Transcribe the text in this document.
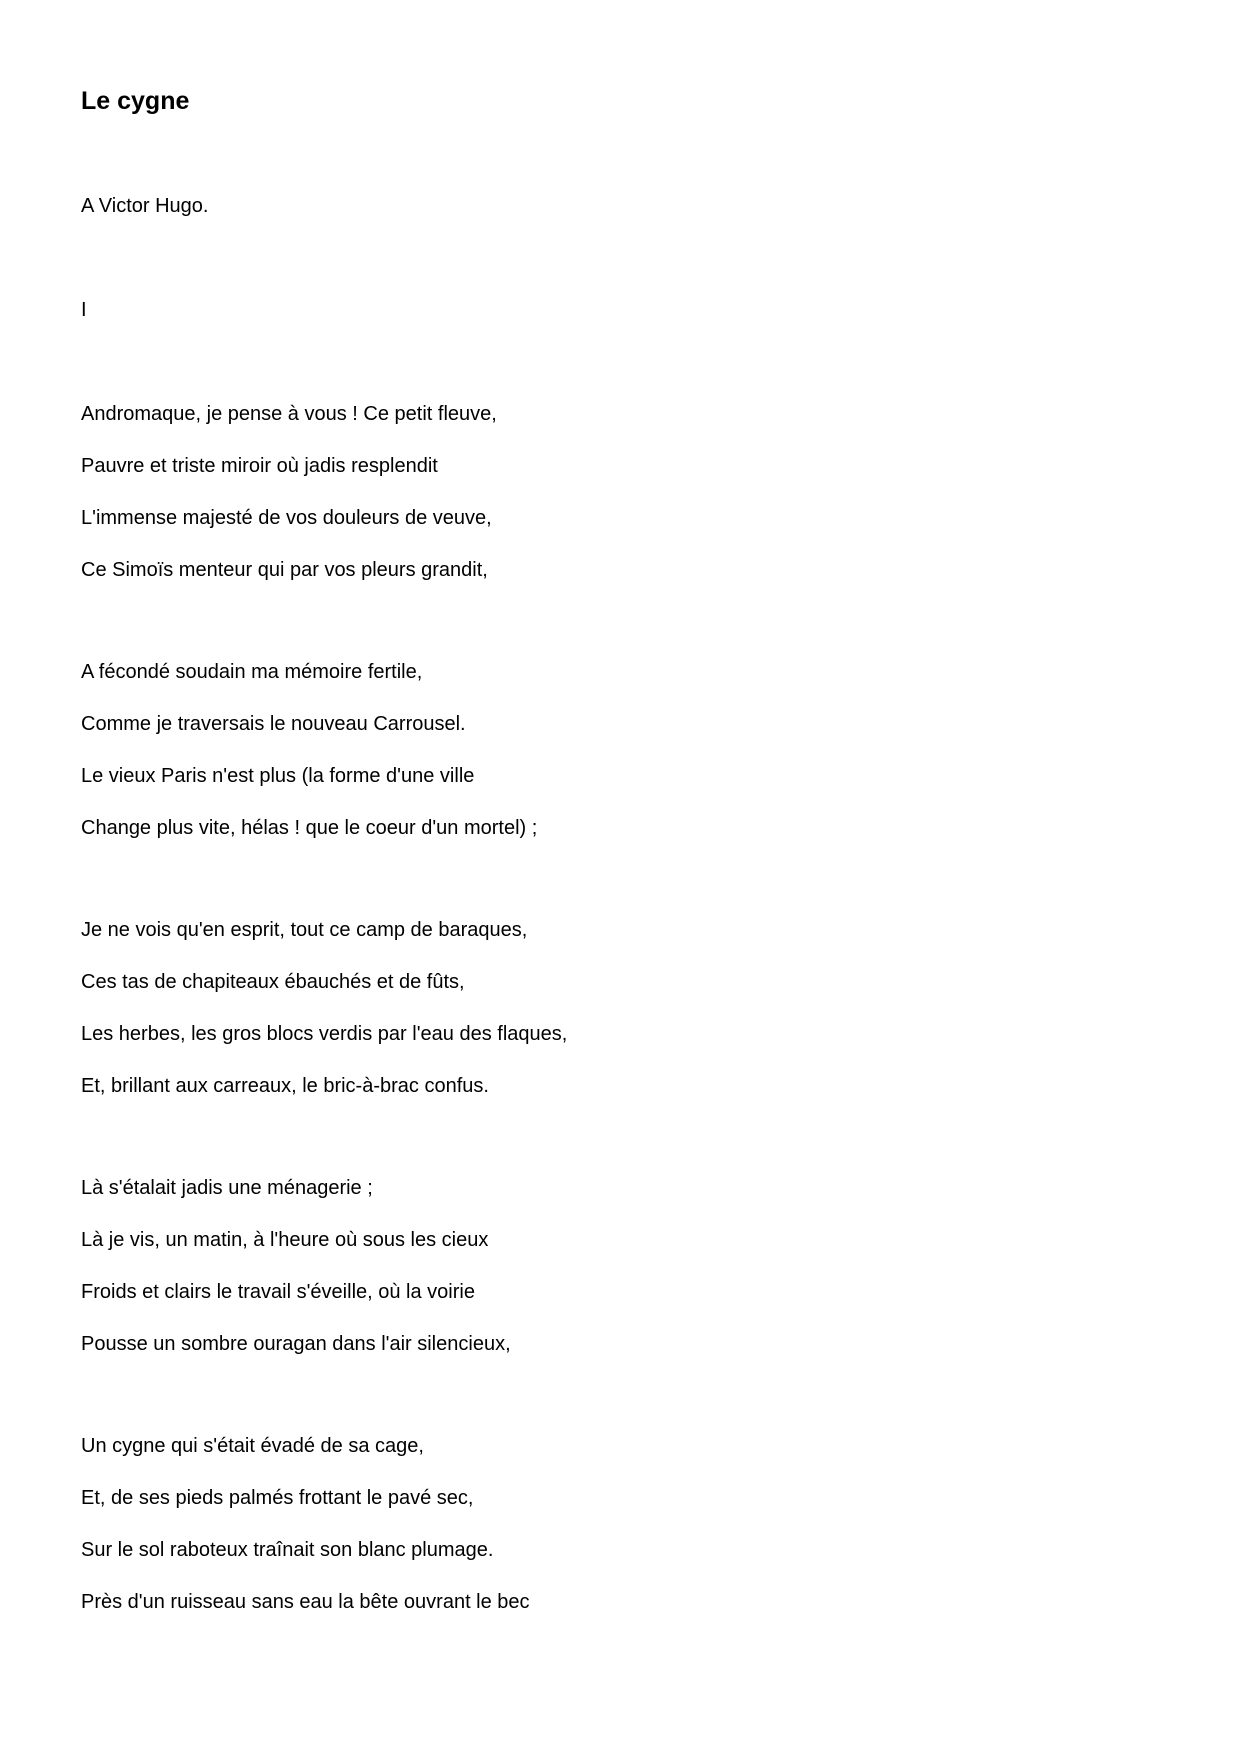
Le cygne

A Victor Hugo.

I

Andromaque, je pense à vous ! Ce petit fleuve,

Pauvre et triste miroir où jadis resplendit

L'immense majesté de vos douleurs de veuve,

Ce Simoïs menteur qui par vos pleurs grandit,

A fécondé soudain ma mémoire fertile,

Comme je traversais le nouveau Carrousel.

Le vieux Paris n'est plus (la forme d'une ville

Change plus vite, hélas ! que le coeur d'un mortel) ;

Je ne vois qu'en esprit, tout ce camp de baraques,

Ces tas de chapiteaux ébauchés et de fûts,

Les herbes, les gros blocs verdis par l'eau des flaques,

Et, brillant aux carreaux, le bric-à-brac confus.

Là s'étalait jadis une ménagerie ;

Là je vis, un matin, à l'heure où sous les cieux

Froids et clairs le travail s'éveille, où la voirie

Pousse un sombre ouragan dans l'air silencieux,

Un cygne qui s'était évadé de sa cage,

Et, de ses pieds palmés frottant le pavé sec,

Sur le sol raboteux traînait son blanc plumage.

Près d'un ruisseau sans eau la bête ouvrant le bec
